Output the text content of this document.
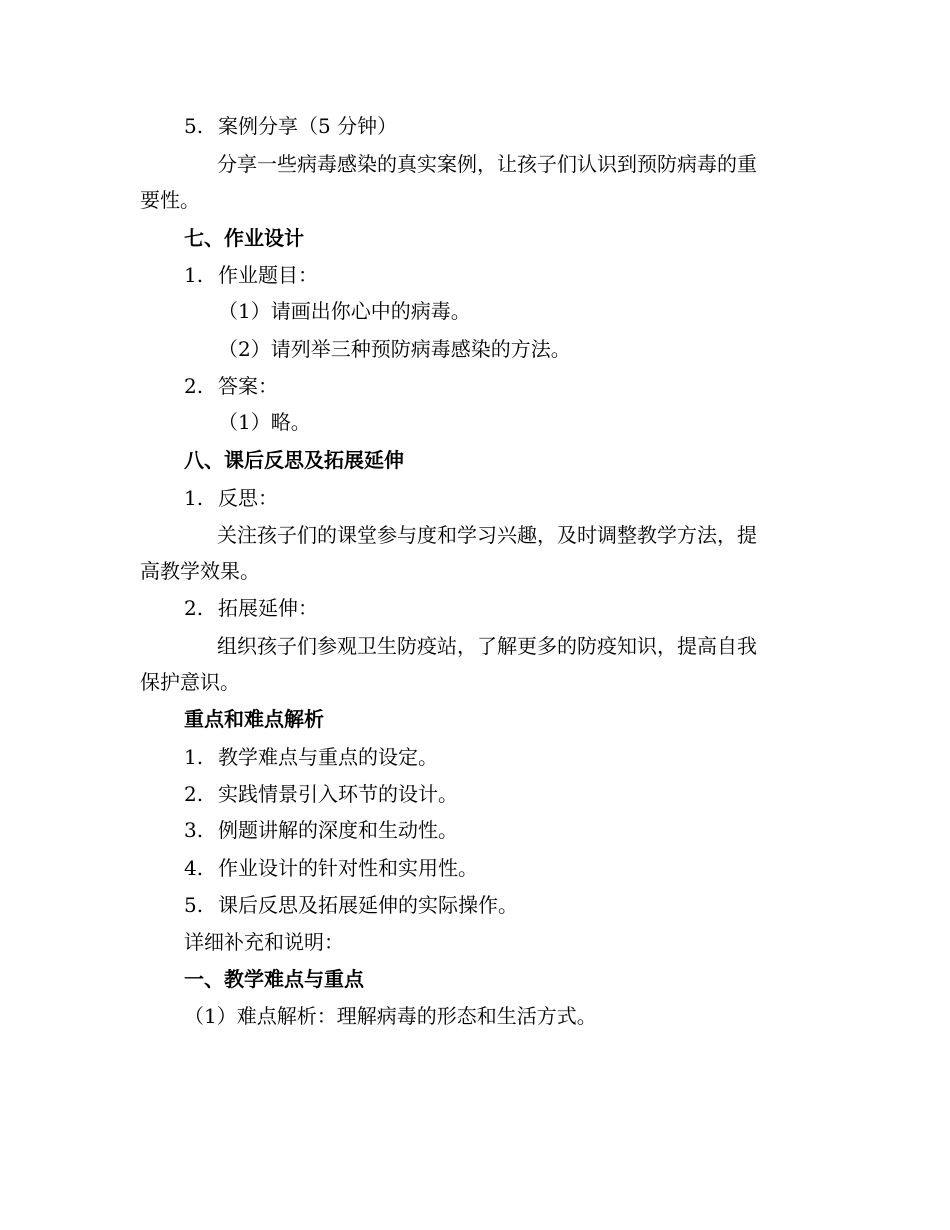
5. 案例分享（5 分钟）
分享一些病毒感染的真实案例，让孩子们认识到预防病毒的重
要性。
七、作业设计
1. 作业题目：
（1）请画出你心中的病毒。
（2）请列举三种预防病毒感染的方法。
2. 答案：
（1）略。
八、课后反思及拓展延伸
1. 反思：
关注孩子们的课堂参与度和学习兴趣，及时调整教学方法，提
高教学效果。
2. 拓展延伸：
组织孩子们参观卫生防疫站，了解更多的防疫知识，提高自我
保护意识。
重点和难点解析
1. 教学难点与重点的设定。
2. 实践情景引入环节的设计。
3. 例题讲解的深度和生动性。
4. 作业设计的针对性和实用性。
5. 课后反思及拓展延伸的实际操作。
详细补充和说明：
一、教学难点与重点
（1）难点解析：理解病毒的形态和生活方式。
